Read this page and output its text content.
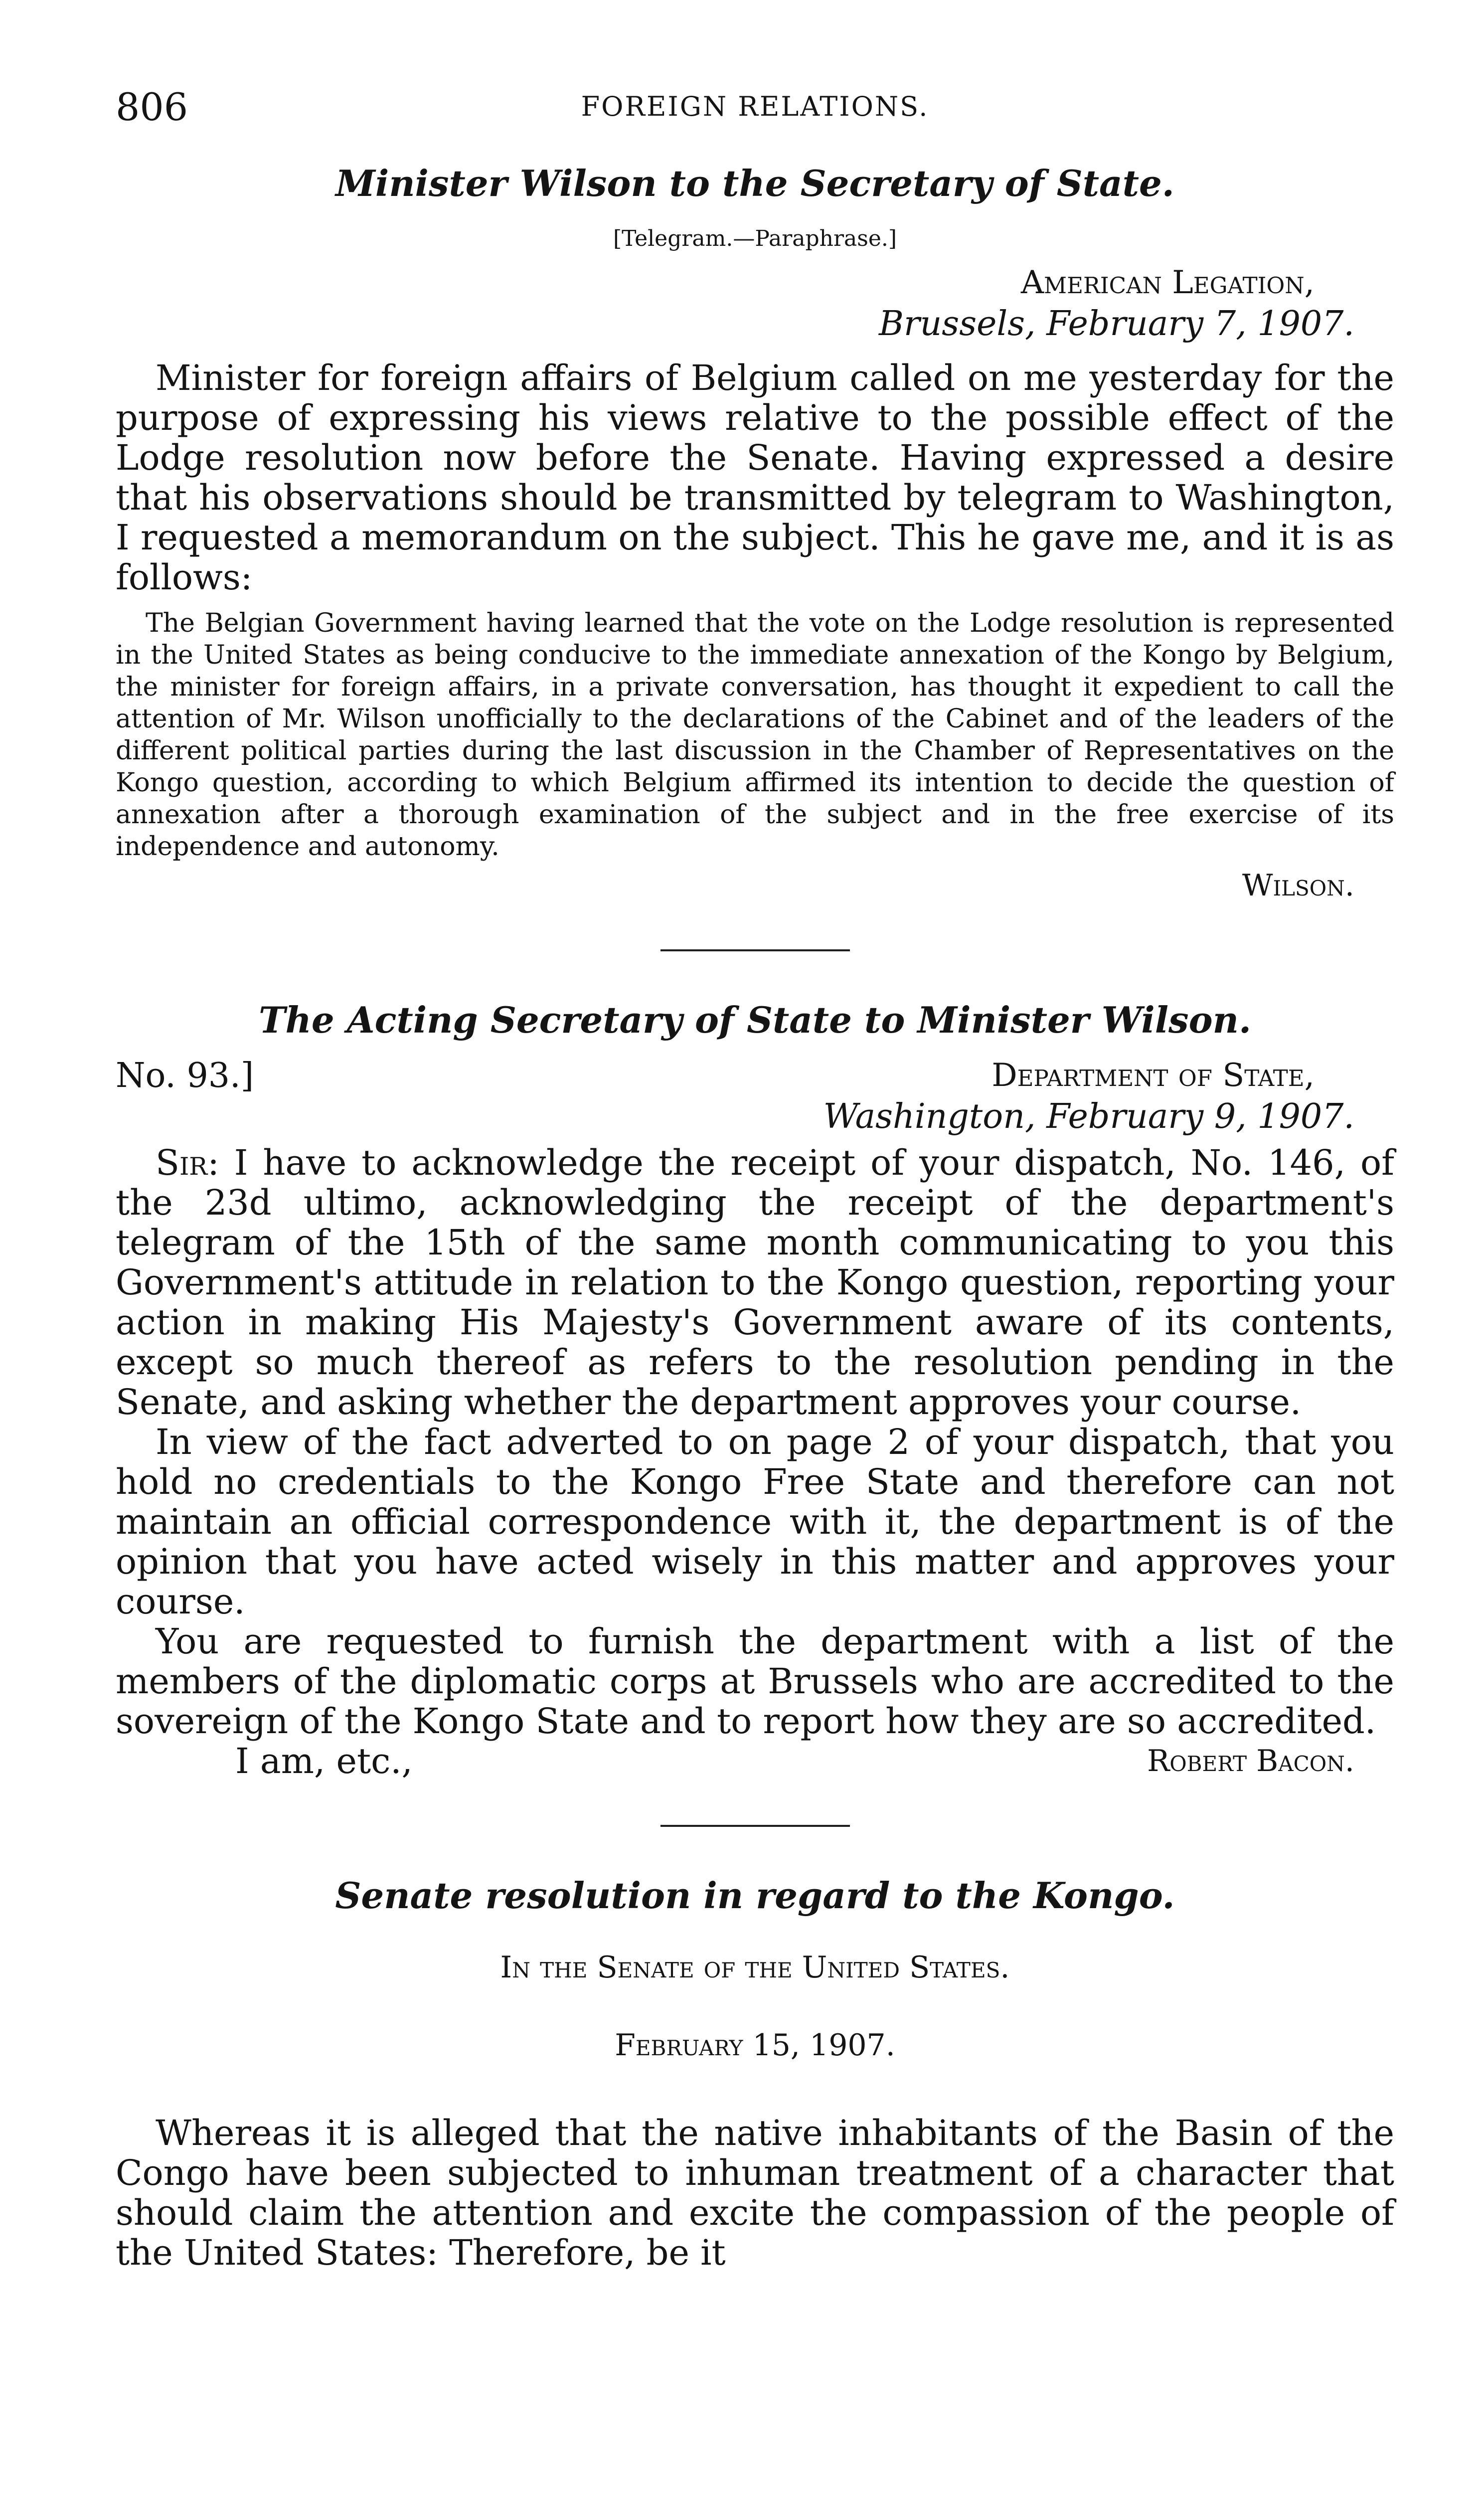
806	FOREIGN RELATIONS.
Minister Wilson to the Secretary of State.
[Telegram.—Paraphrase.]
American Legation,
Brussels, February 7, 1907.

Minister for foreign affairs of Belgium called on me yesterday for the purpose of expressing his views relative to the possible effect of the Lodge resolution now before the Senate. Having expressed a desire that his observations should be transmitted by telegram to Washington, I requested a memorandum on the subject. This he gave me, and it is as follows:

The Belgian Government having learned that the vote on the Lodge resolution is represented in the United States as being conducive to the immediate annexation of the Kongo by Belgium, the minister for foreign affairs, in a private conversation, has thought it expedient to call the attention of Mr. Wilson unofficially to the declarations of the Cabinet and of the leaders of the different political parties during the last discussion in the Chamber of Representatives on the Kongo question, according to which Belgium affirmed its intention to decide the question of annexation after a thorough examination of the subject and in the free exercise of its independence and autonomy.

Wilson.
The Acting Secretary of State to Minister Wilson.
No. 93.]	Department of State,
Washington, February 9, 1907.

Sir: I have to acknowledge the receipt of your dispatch, No. 146, of the 23d ultimo, acknowledging the receipt of the department's telegram of the 15th of the same month communicating to you this Government's attitude in relation to the Kongo question, reporting your action in making His Majesty's Government aware of its contents, except so much thereof as refers to the resolution pending in the Senate, and asking whether the department approves your course.

In view of the fact adverted to on page 2 of your dispatch, that you hold no credentials to the Kongo Free State and therefore can not maintain an official correspondence with it, the department is of the opinion that you have acted wisely in this matter and approves your course.

You are requested to furnish the department with a list of the members of the diplomatic corps at Brussels who are accredited to the sovereign of the Kongo State and to report how they are so accredited.

I am, etc.,	Robert Bacon.
Senate resolution in regard to the Kongo.
In the Senate of the United States.
February 15, 1907.

Whereas it is alleged that the native inhabitants of the Basin of the Congo have been subjected to inhuman treatment of a character that should claim the attention and excite the compassion of the people of the United States: Therefore, be it
